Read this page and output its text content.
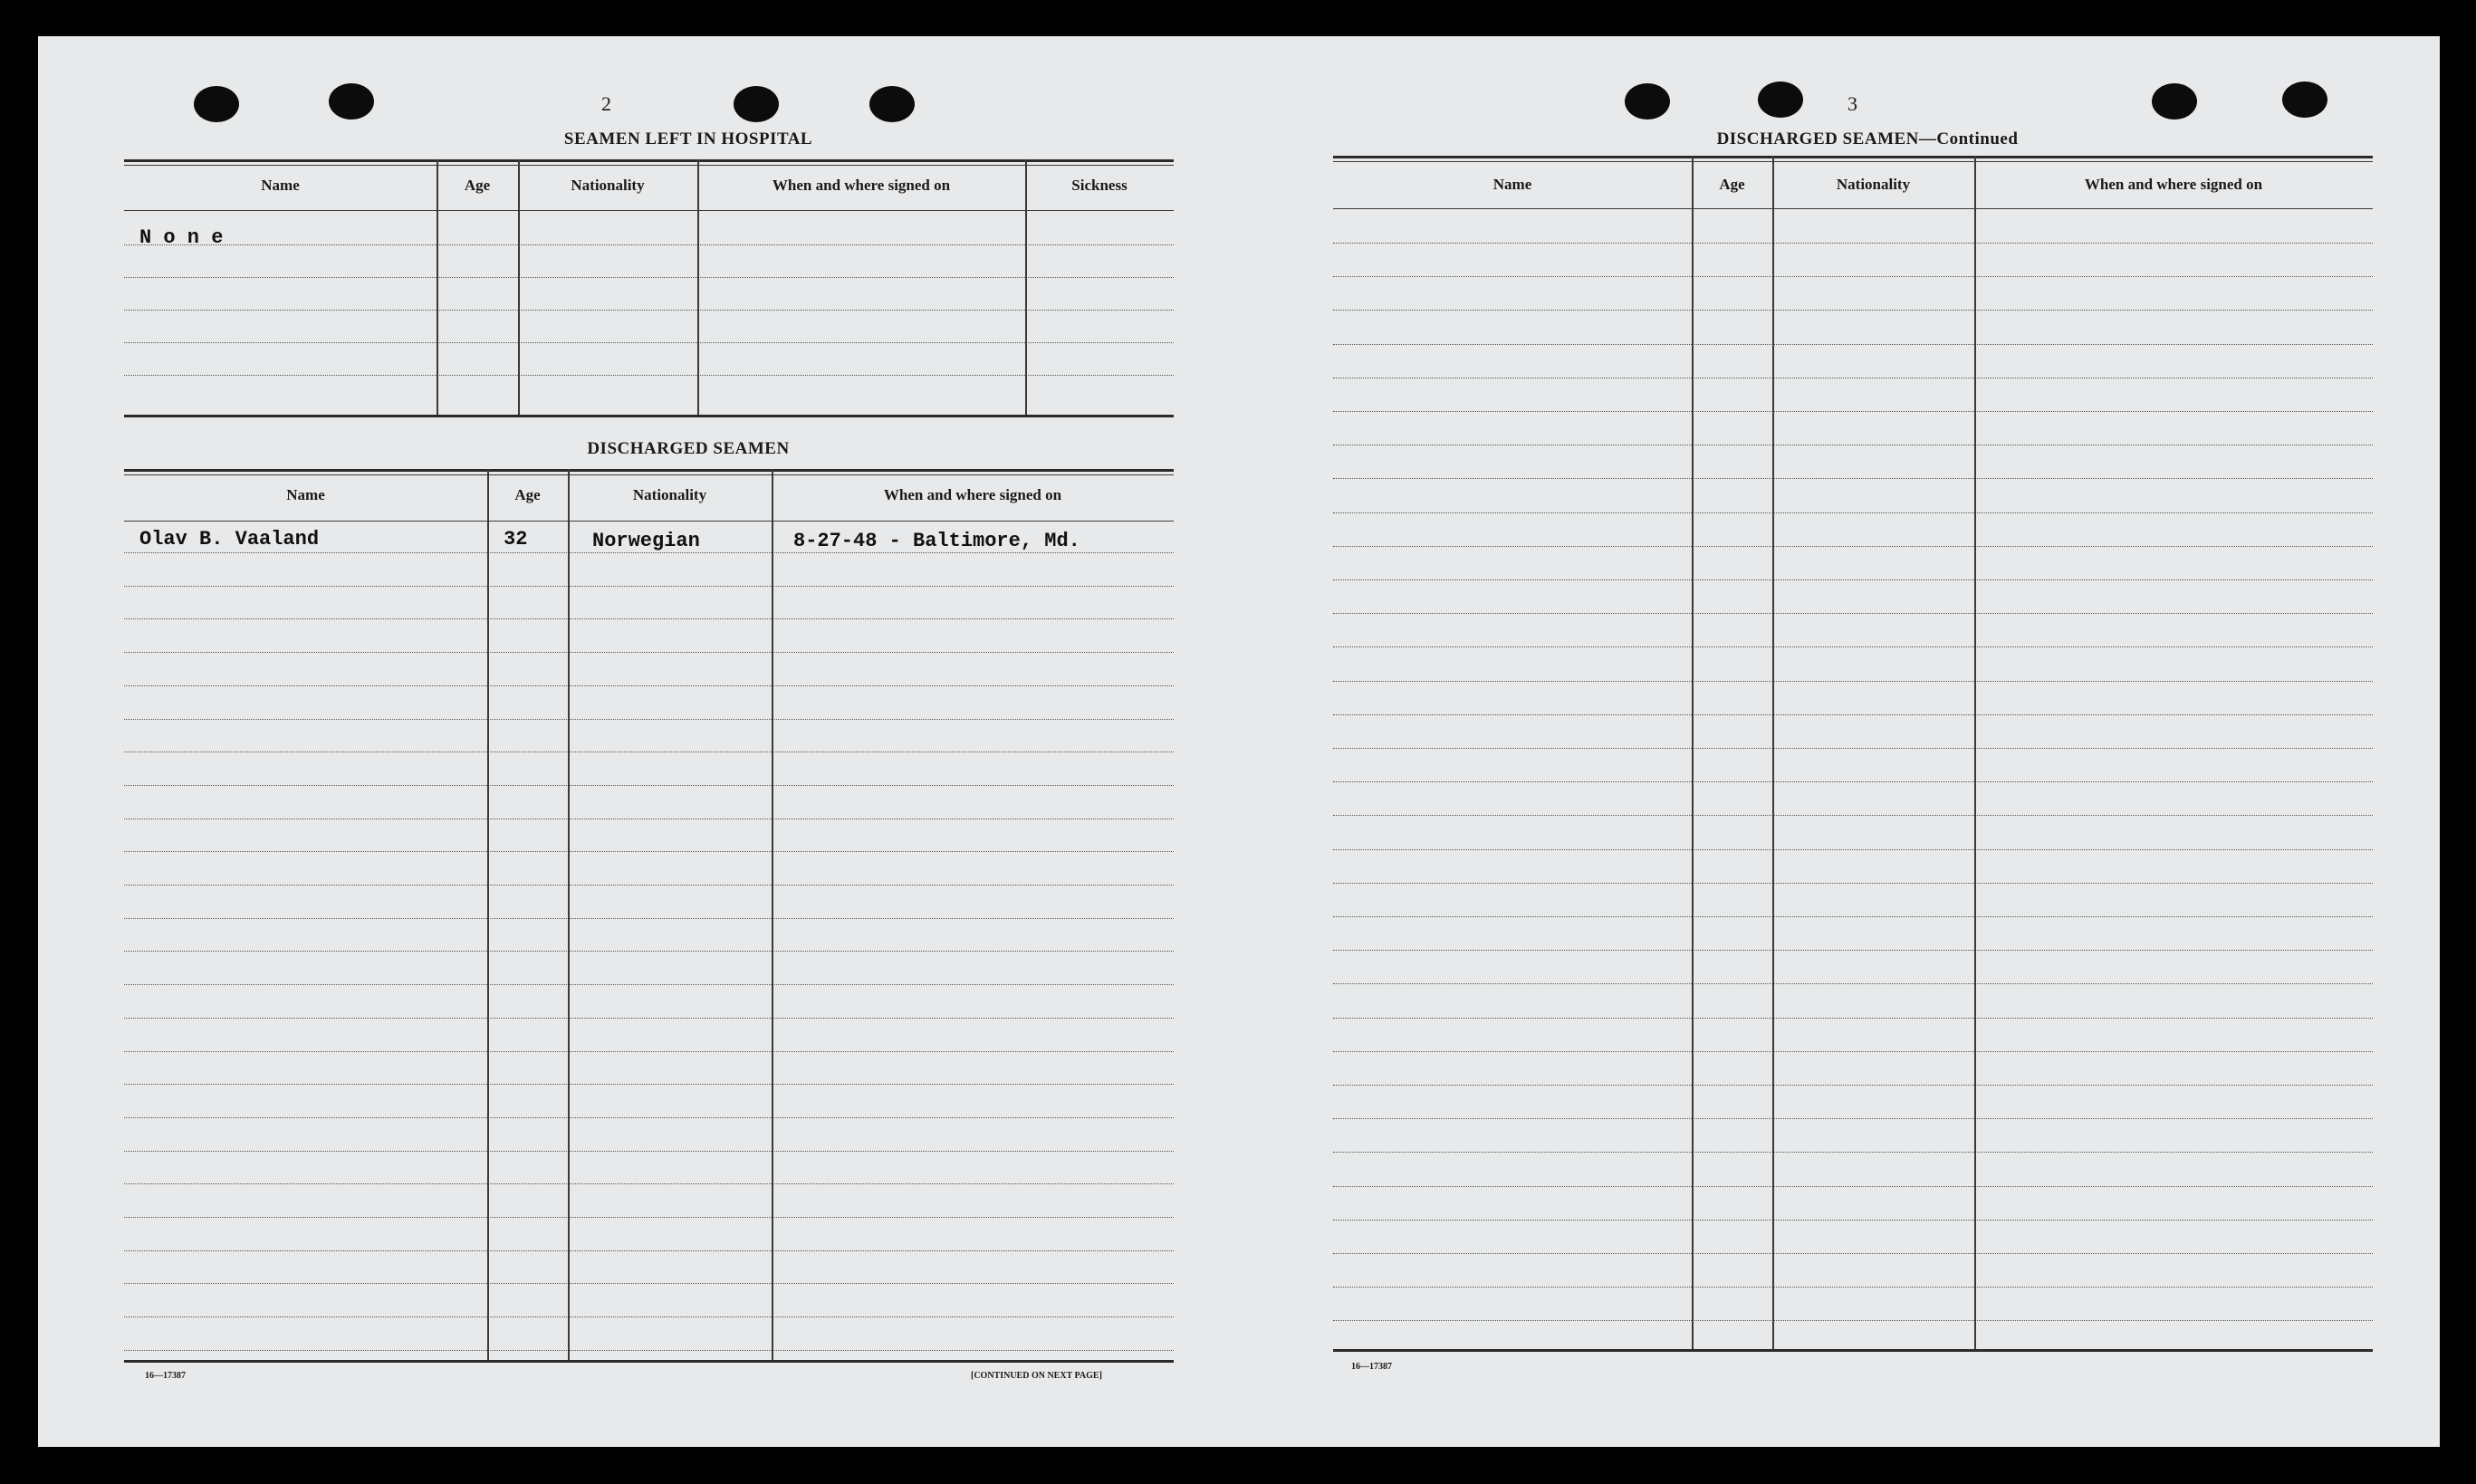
2
SEAMEN LEFT IN HOSPITAL
N o n e
DISCHARGED SEAMEN
Olav B. Vaaland	32	Norwegian	8-27-48 - Baltimore, Md.
16—17387	[CONTINUED ON NEXT PAGE]
3
DISCHARGED SEAMEN—Continued
16—17387
Name	Age	Nationality	When and where signed on	Sickness
Name	Age	Nationality	When and where signed on
Name	Age	Nationality	When and where signed on
